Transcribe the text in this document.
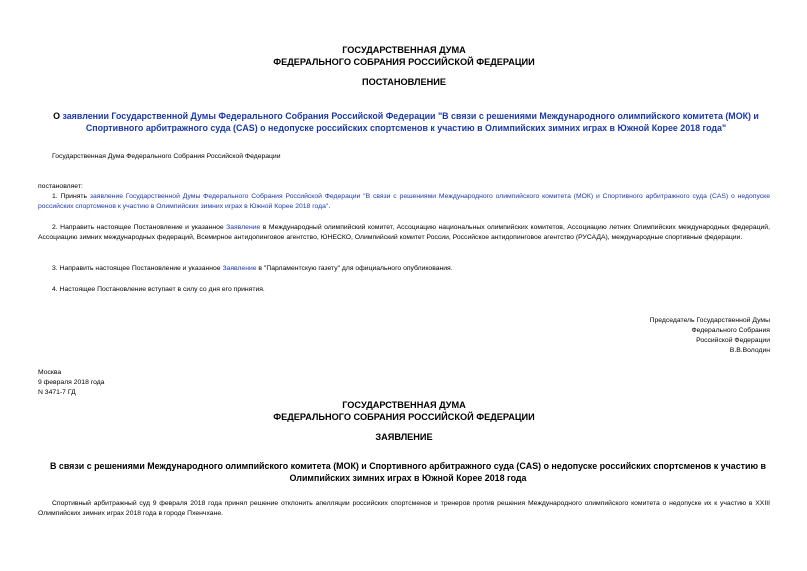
ГОСУДАРСТВЕННАЯ ДУМА

ФЕДЕРАЛЬНОГО СОБРАНИЯ РОССИЙСКОЙ ФЕДЕРАЦИИ

ПОСТАНОВЛЕНИЕ
О заявлении Государственной Думы Федерального Собрания Российской Федерации "В связи с решениями Международного олимпийского комитета (МОК) и Спортивного арбитражного суда (CAS) о недопуске российских спортсменов к участию в Олимпийских зимних играх в Южной Корее 2018 года"
Государственная Дума Федерального Собрания Российской Федерации
постановляет:
1. Принять заявление Государственной Думы Федерального Собрания Российской Федерации "В связи с решениями Международного олимпийского комитета (МОК) и Спортивного арбитражного суда (CAS) о недопуске российских спортсменов к участию в Олимпийских зимних играх в Южной Корее 2018 года".
2. Направить настоящее Постановление и указанное Заявление в Международный олимпийский комитет, Ассоциацию национальных олимпийских комитетов, Ассоциацию летних Олимпийских международных федераций, Ассоциацию зимних международных федераций, Всемирное антидопинговое агентство, ЮНЕСКО, Олимпийский комитет России, Российское антидопинговое агентство (РУСАДА), международные спортивные федерации.
3. Направить настоящее Постановление и указанное Заявление в "Парламентскую газету" для официального опубликования.
4. Настоящее Постановление вступает в силу со дня его принятия.

Председатель Государственной Думы

Федерального Собрания

Российской Федерации

В.В.Володин

Москва

9 февраля 2018 года

N 3471-7 ГД

ГОСУДАРСТВЕННАЯ ДУМА

ФЕДЕРАЛЬНОГО СОБРАНИЯ РОССИЙСКОЙ ФЕДЕРАЦИИ

ЗАЯВЛЕНИЕ
В связи с решениями Международного олимпийского комитета (МОК) и Спортивного арбитражного суда (CAS) о недопуске российских спортсменов к участию в Олимпийских зимних играх в Южной Корее 2018 года
Спортивный арбитражный суд 9 февраля 2018 года принял решение отклонить апелляции российских спортсменов и тренеров против решения Международного олимпийского комитета о недопуске их к участию в XXIII Олимпийских зимних играх 2018 года в городе Пхенчхане.
